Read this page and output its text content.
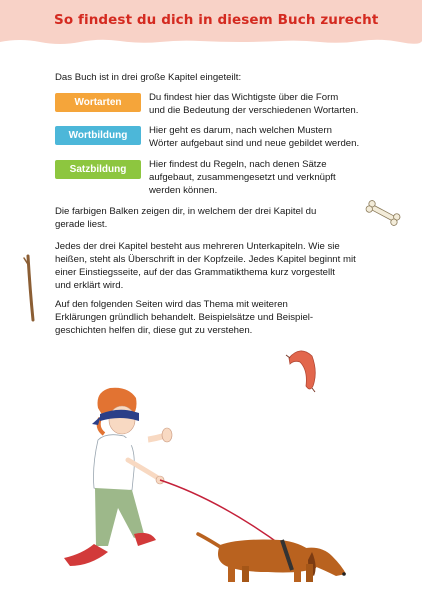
So findest du dich in diesem Buch zurecht
Das Buch ist in drei große Kapitel eingeteilt:
Wortarten	Du findest hier das Wichtigste über die Form
und die Bedeutung der verschiedenen Wortarten.
Wortbildung	Hier geht es darum, nach welchen Mustern
Wörter aufgebaut sind und neue gebildet werden.
Satzbildung	Hier findest du Regeln, nach denen Sätze
aufgebaut, zusammengesetzt und verknüpft
werden können.
Die farbigen Balken zeigen dir, in welchem der drei Kapitel du
gerade liest.
Jedes der drei Kapitel besteht aus mehreren Unterkapiteln. Wie sie
heißen, steht als Überschrift in der Kopfzeile. Jedes Kapitel beginnt mit
einer Einstiegsseite, auf der das Grammatikthema kurz vorgestellt
und erklärt wird.
Auf den folgenden Seiten wird das Thema mit weiteren
Erklärungen gründlich behandelt. Beispielsätze und Beispiel-
geschichten helfen dir, diese gut zu verstehen.
